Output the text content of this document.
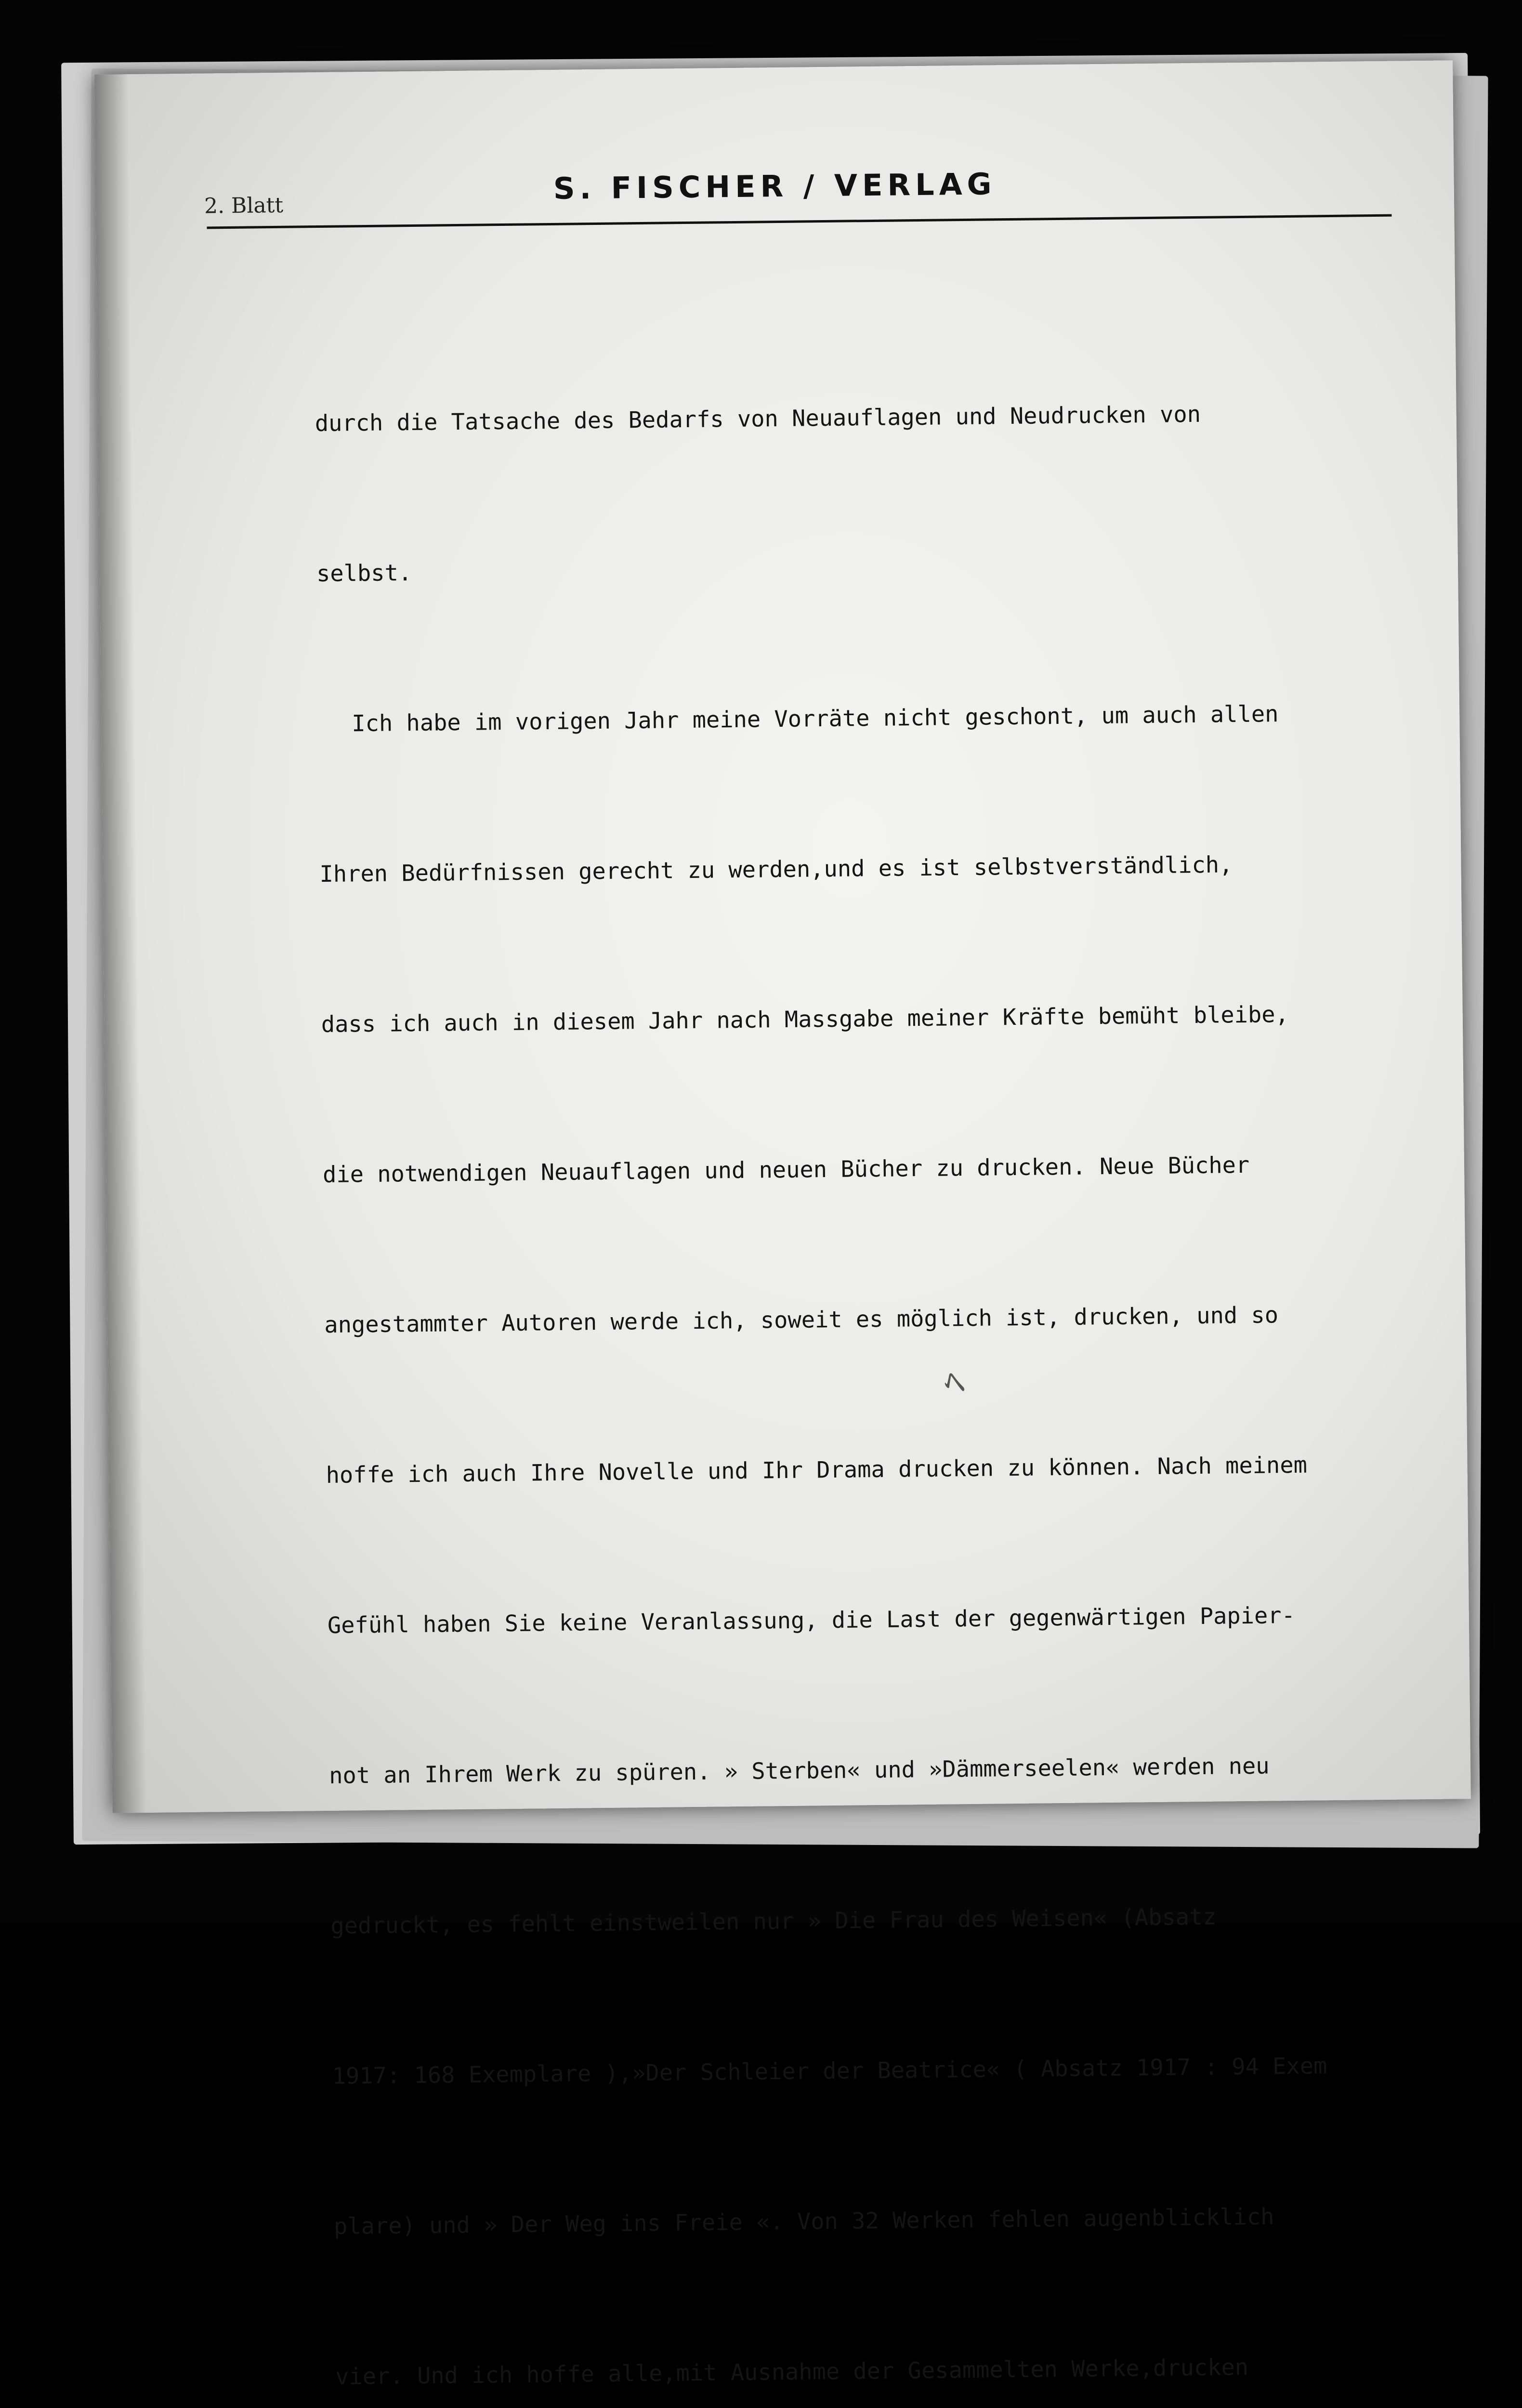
2. Blatt	S. FISCHER / VERLAG

durch die Tatsache des Bedarfs von Neuauflagen und Neudrucken von

selbst.

Ich habe im vorigen Jahr meine Vorräte nicht geschont, um auch allen

Ihren Bedürfnissen gerecht zu werden,und es ist selbstverständlich,

dass ich auch in diesem Jahr nach Massgabe meiner Kräfte bemüht bleibe,

die notwendigen Neuauflagen und neuen Bücher zu drucken. Neue Bücher

angestammter Autoren werde ich, soweit es möglich ist, drucken, und so

hoffe ich auch Ihre Novelle und Ihr Drama drucken zu können. Nach meinem

Gefühl haben Sie keine Veranlassung, die Last der gegenwärtigen Papier-

not an Ihrem Werk zu spüren. » Sterben« und »Dämmerseelen« werden neu

gedruckt, es fehlt einstweilen nur » Die Frau des Weisen« (Absatz

1917: 168 Exemplare ),»Der Schleier der Beatrice« ( Absatz 1917 : 94 Exem

plare) und » Der Weg ins Freie «. Von 32 Werken fehlen augenblicklich

vier. Und ich hoffe alle,mit Ausnahme der Gesammelten Werke,drucken

ﾍ
